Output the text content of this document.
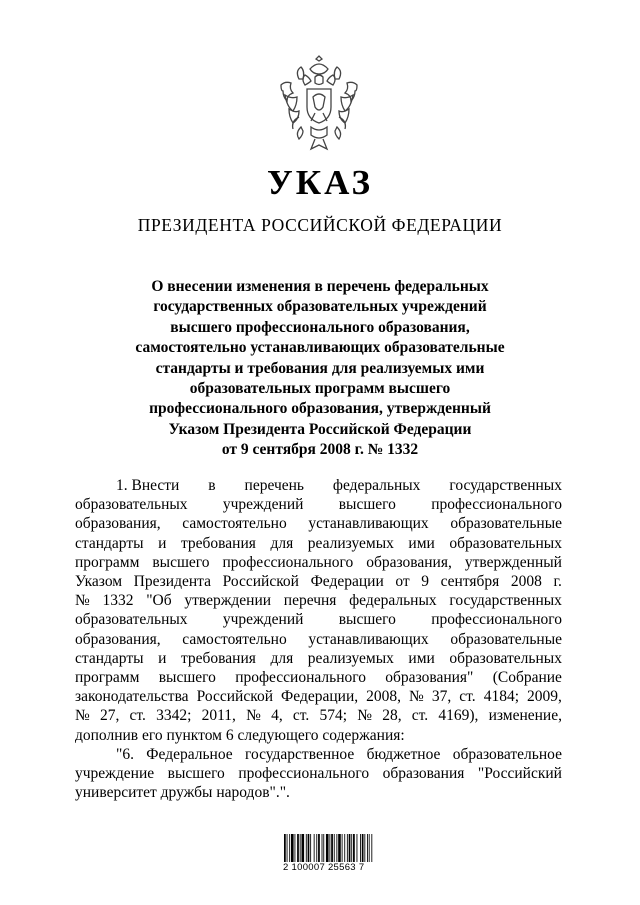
УКАЗ
ПРЕЗИДЕНТА РОССИЙСКОЙ ФЕДЕРАЦИИ
О внесении изменения в перечень федеральных
государственных образовательных учреждений
высшего профессионального образования,
самостоятельно устанавливающих образовательные
стандарты и требования для реализуемых ими
образовательных программ высшего
профессионального образования, утвержденный
Указом Президента Российской Федерации
от 9 сентября 2008 г. № 1332
1. Внести в перечень федеральных государственных
образовательных учреждений высшего профессионального
образования, самостоятельно устанавливающих образовательные
стандарты и требования для реализуемых ими образовательных
программ высшего профессионального образования, утвержденный
Указом Президента Российской Федерации от 9 сентября 2008 г.
№ 1332 "Об утверждении перечня федеральных государственных
образовательных учреждений высшего профессионального
образования, самостоятельно устанавливающих образовательные
стандарты и требования для реализуемых ими образовательных
программ высшего профессионального образования" (Собрание
законодательства Российской Федерации, 2008, № 37, ст. 4184; 2009,
№ 27, ст. 3342; 2011, № 4, ст. 574; № 28, ст. 4169), изменение,
дополнив его пунктом 6 следующего содержания:
"6. Федеральное государственное бюджетное образовательное
учреждение высшего профессионального образования "Российский
университет дружбы народов".".
2 100007 25563 7
